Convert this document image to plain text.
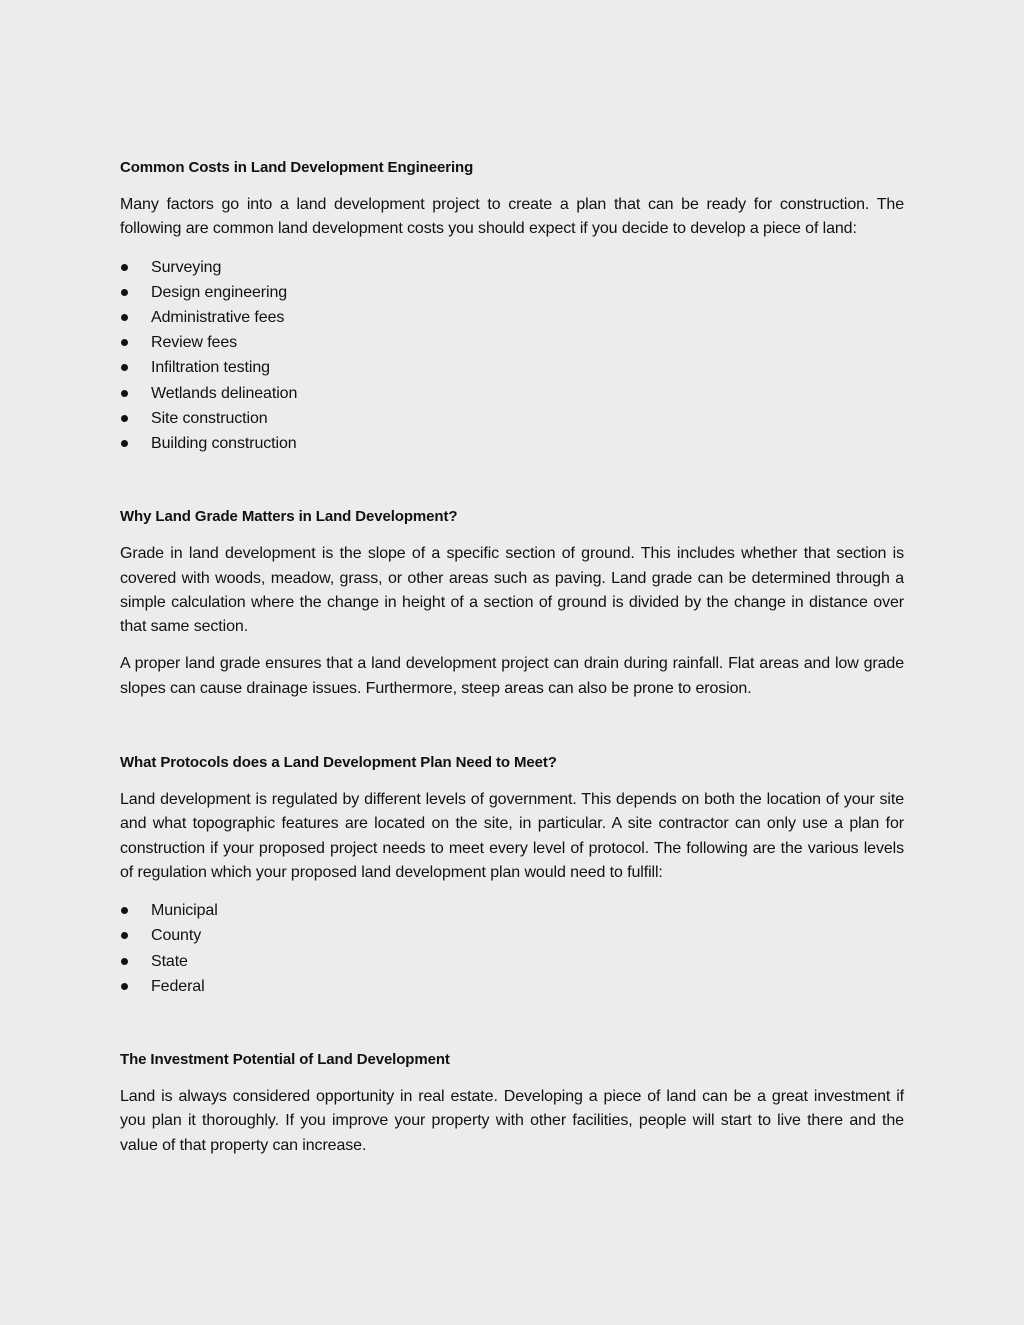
Common Costs in Land Development Engineering

Many factors go into a land development project to create a plan that can be ready for construction. The following are common land development costs you should expect if you decide to develop a piece of land:

Surveying
Design engineering
Administrative fees
Review fees
Infiltration testing
Wetlands delineation
Site construction
Building construction
Why Land Grade Matters in Land Development?

Grade in land development is the slope of a specific section of ground. This includes whether that section is covered with woods, meadow, grass, or other areas such as paving. Land grade can be determined through a simple calculation where the change in height of a section of ground is divided by the change in distance over that same section.

A proper land grade ensures that a land development project can drain during rainfall. Flat areas and low grade slopes can cause drainage issues. Furthermore, steep areas can also be prone to erosion.

What Protocols does a Land Development Plan Need to Meet?

Land development is regulated by different levels of government. This depends on both the location of your site and what topographic features are located on the site, in particular. A site contractor can only use a plan for construction if your proposed project needs to meet every level of protocol. The following are the various levels of regulation which your proposed land development plan would need to fulfill:

Municipal
County
State
Federal
The Investment Potential of Land Development

Land is always considered opportunity in real estate. Developing a piece of land can be a great investment if you plan it thoroughly. If you improve your property with other facilities, people will start to live there and the value of that property can increase.
